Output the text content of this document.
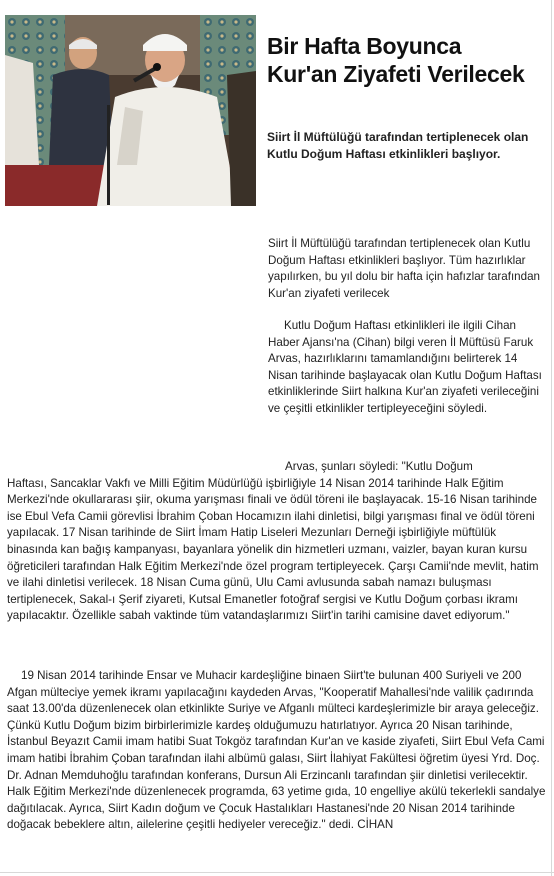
Bir Hafta Boyunca Kur'an Ziyafeti Verilecek

Siirt İl Müftülüğü tarafından tertiplenecek olan Kutlu Doğum Haftası etkinlikleri başlıyor.

Siirt İl Müftülüğü tarafından tertiplenecek olan Kutlu Doğum Haftası etkinlikleri başlıyor. Tüm hazırlıklar yapılırken, bu yıl dolu bir hafta için hafızlar tarafından Kur'an ziyafeti verilecek

Kutlu Doğum Haftası etkinlikleri ile ilgili Cihan Haber Ajansı'na (Cihan) bilgi veren İl Müftüsü Faruk Arvas, hazırlıklarını tamamlandığını belirterek 14 Nisan tarihinde başlayacak olan Kutlu Doğum Haftası etkinliklerinde Siirt halkına Kur'an ziyafeti verileceğini ve çeşitli etkinlikler tertipleyeceğini söyledi.

Arvas, şunları söyledi: "Kutlu Doğum
Haftası, Sancaklar Vakfı ve Milli Eğitim Müdürlüğü işbirliğiyle 14 Nisan 2014 tarihinde Halk Eğitim Merkezi'nde okullararası şiir, okuma yarışması finali ve ödül töreni ile başlayacak. 15-16 Nisan tarihinde ise Ebul Vefa Camii görevlisi İbrahim Çoban Hocamızın ilahi dinletisi, bilgi yarışması final ve ödül töreni yapılacak. 17 Nisan tarihinde de Siirt İmam Hatip Liseleri Mezunları Derneği işbirliğiyle müftülük binasında kan bağış kampanyası, bayanlara yönelik din hizmetleri uzmanı, vaizler, bayan kuran kursu öğreticileri tarafından Halk Eğitim Merkezi'nde özel program tertipleyecek. Çarşı Camii'nde mevlit, hatim ve ilahi dinletisi verilecek. 18 Nisan Cuma günü, Ulu Cami avlusunda sabah namazı buluşması tertiplenecek, Sakal-ı Şerif ziyareti, Kutsal Emanetler fotoğraf sergisi ve Kutlu Doğum çorbası ikramı yapılacaktır. Özellikle sabah vaktinde tüm vatandaşlarımızı Siirt'in tarihi camisine davet ediyorum."

19 Nisan 2014 tarihinde Ensar ve Muhacir kardeşliğine binaen Siirt'te bulunan 400 Suriyeli ve 200 Afgan mülteciye yemek ikramı yapılacağını kaydeden Arvas, "Kooperatif Mahallesi'nde valilik çadırında saat 13.00'da düzenlenecek olan etkinlikte Suriye ve Afganlı mülteci kardeşlerimizle bir araya geleceğiz. Çünkü Kutlu Doğum bizim birbirlerimizle kardeş olduğumuzu hatırlatıyor. Ayrıca 20 Nisan tarihinde, İstanbul Beyazıt Camii imam hatibi Suat Tokgöz tarafından Kur'an ve kaside ziyafeti, Siirt Ebul Vefa Cami imam hatibi İbrahim Çoban tarafından ilahi albümü galası, Siirt İlahiyat Fakültesi öğretim üyesi Yrd. Doç. Dr. Adnan Memduhoğlu tarafından konferans, Dursun Ali Erzincanlı tarafından şiir dinletisi verilecektir. Halk Eğitim Merkezi'nde düzenlenecek programda, 63 yetime gıda, 10 engelliye akülü tekerlekli sandalye dağıtılacak. Ayrıca, Siirt Kadın doğum ve Çocuk Hastalıkları Hastanesi'nde 20 Nisan 2014 tarihinde doğacak bebeklere altın, ailelerine çeşitli hediyeler vereceğiz." dedi. CİHAN
